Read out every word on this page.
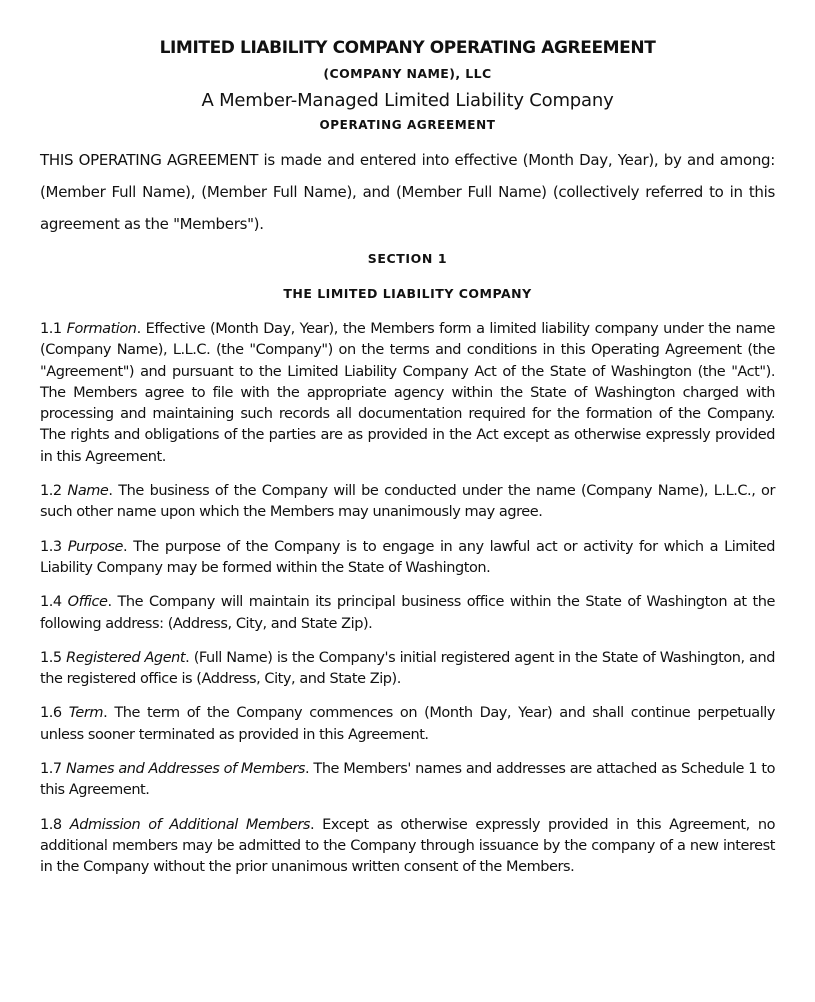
LIMITED LIABILITY COMPANY OPERATING AGREEMENT
(COMPANY NAME), LLC
A Member-Managed Limited Liability Company
OPERATING AGREEMENT

THIS OPERATING AGREEMENT is made and entered into effective (Month Day, Year), by and among: (Member Full Name), (Member Full Name), and (Member Full Name) (collectively referred to in this agreement as the "Members").

SECTION 1
THE LIMITED LIABILITY COMPANY

1.1 Formation. Effective (Month Day, Year), the Members form a limited liability company under the name (Company Name), L.L.C. (the "Company") on the terms and conditions in this Operating Agreement (the "Agreement") and pursuant to the Limited Liability Company Act of the State of Washington (the "Act"). The Members agree to file with the appropriate agency within the State of Washington charged with processing and maintaining such records all documentation required for the formation of the Company. The rights and obligations of the parties are as provided in the Act except as otherwise expressly provided in this Agreement.

1.2 Name. The business of the Company will be conducted under the name (Company Name), L.L.C., or such other name upon which the Members may unanimously may agree.

1.3 Purpose. The purpose of the Company is to engage in any lawful act or activity for which a Limited Liability Company may be formed within the State of Washington.

1.4 Office. The Company will maintain its principal business office within the State of Washington at the following address: (Address, City, and State Zip).

1.5 Registered Agent. (Full Name) is the Company's initial registered agent in the State of Washington, and the registered office is (Address, City, and State Zip).

1.6 Term. The term of the Company commences on (Month Day, Year) and shall continue perpetually unless sooner terminated as provided in this Agreement.

1.7 Names and Addresses of Members. The Members' names and addresses are attached as Schedule 1 to this Agreement.

1.8 Admission of Additional Members. Except as otherwise expressly provided in this Agreement, no additional members may be admitted to the Company through issuance by the company of a new interest in the Company without the prior unanimous written consent of the Members.
